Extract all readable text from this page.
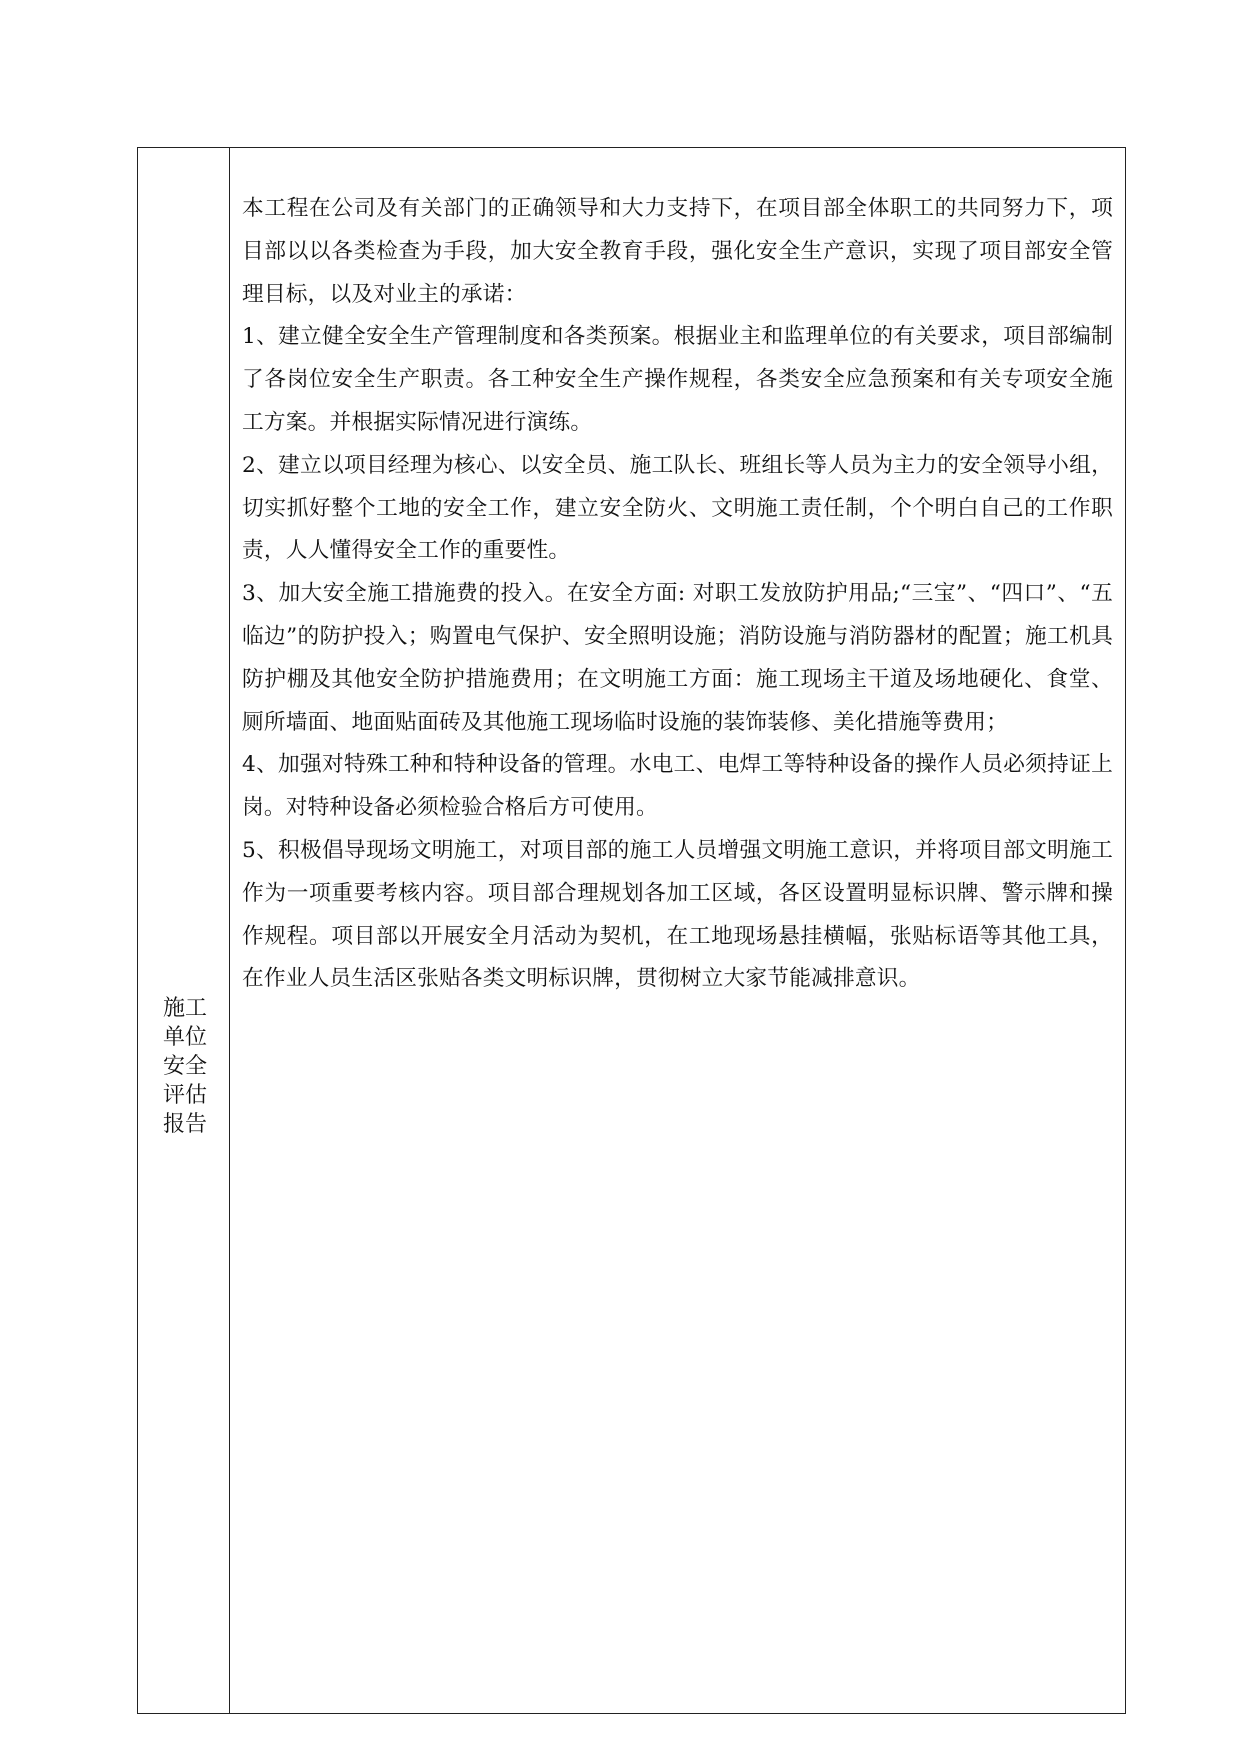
施工
单位
安全
评估
报告

本工程在公司及有关部门的正确领导和大力支持下，在项目部全体职工的共同努力下，项目部以以各类检查为手段，加大安全教育手段，强化安全生产意识，实现了项目部安全管理目标，以及对业主的承诺：

1、建立健全安全生产管理制度和各类预案。根据业主和监理单位的有关要求，项目部编制了各岗位安全生产职责。各工种安全生产操作规程，各类安全应急预案和有关专项安全施工方案。并根据实际情况进行演练。

2、建立以项目经理为核心、以安全员、施工队长、班组长等人员为主力的安全领导小组，切实抓好整个工地的安全工作，建立安全防火、文明施工责任制，个个明白自己的工作职责，人人懂得安全工作的重要性。

3、加大安全施工措施费的投入。在安全方面: 对职工发放防护用品;“三宝”、“四口”、“五临边”的防护投入；购置电气保护、安全照明设施；消防设施与消防器材的配置；施工机具防护棚及其他安全防护措施费用；在文明施工方面：施工现场主干道及场地硬化、食堂、厕所墙面、地面贴面砖及其他施工现场临时设施的装饰装修、美化措施等费用；

4、加强对特殊工种和特种设备的管理。水电工、电焊工等特种设备的操作人员必须持证上岗。对特种设备必须检验合格后方可使用。

5、积极倡导现场文明施工，对项目部的施工人员增强文明施工意识，并将项目部文明施工作为一项重要考核内容。项目部合理规划各加工区域，各区设置明显标识牌、警示牌和操作规程。项目部以开展安全月活动为契机，在工地现场悬挂横幅，张贴标语等其他工具，在作业人员生活区张贴各类文明标识牌，贯彻树立大家节能减排意识。
